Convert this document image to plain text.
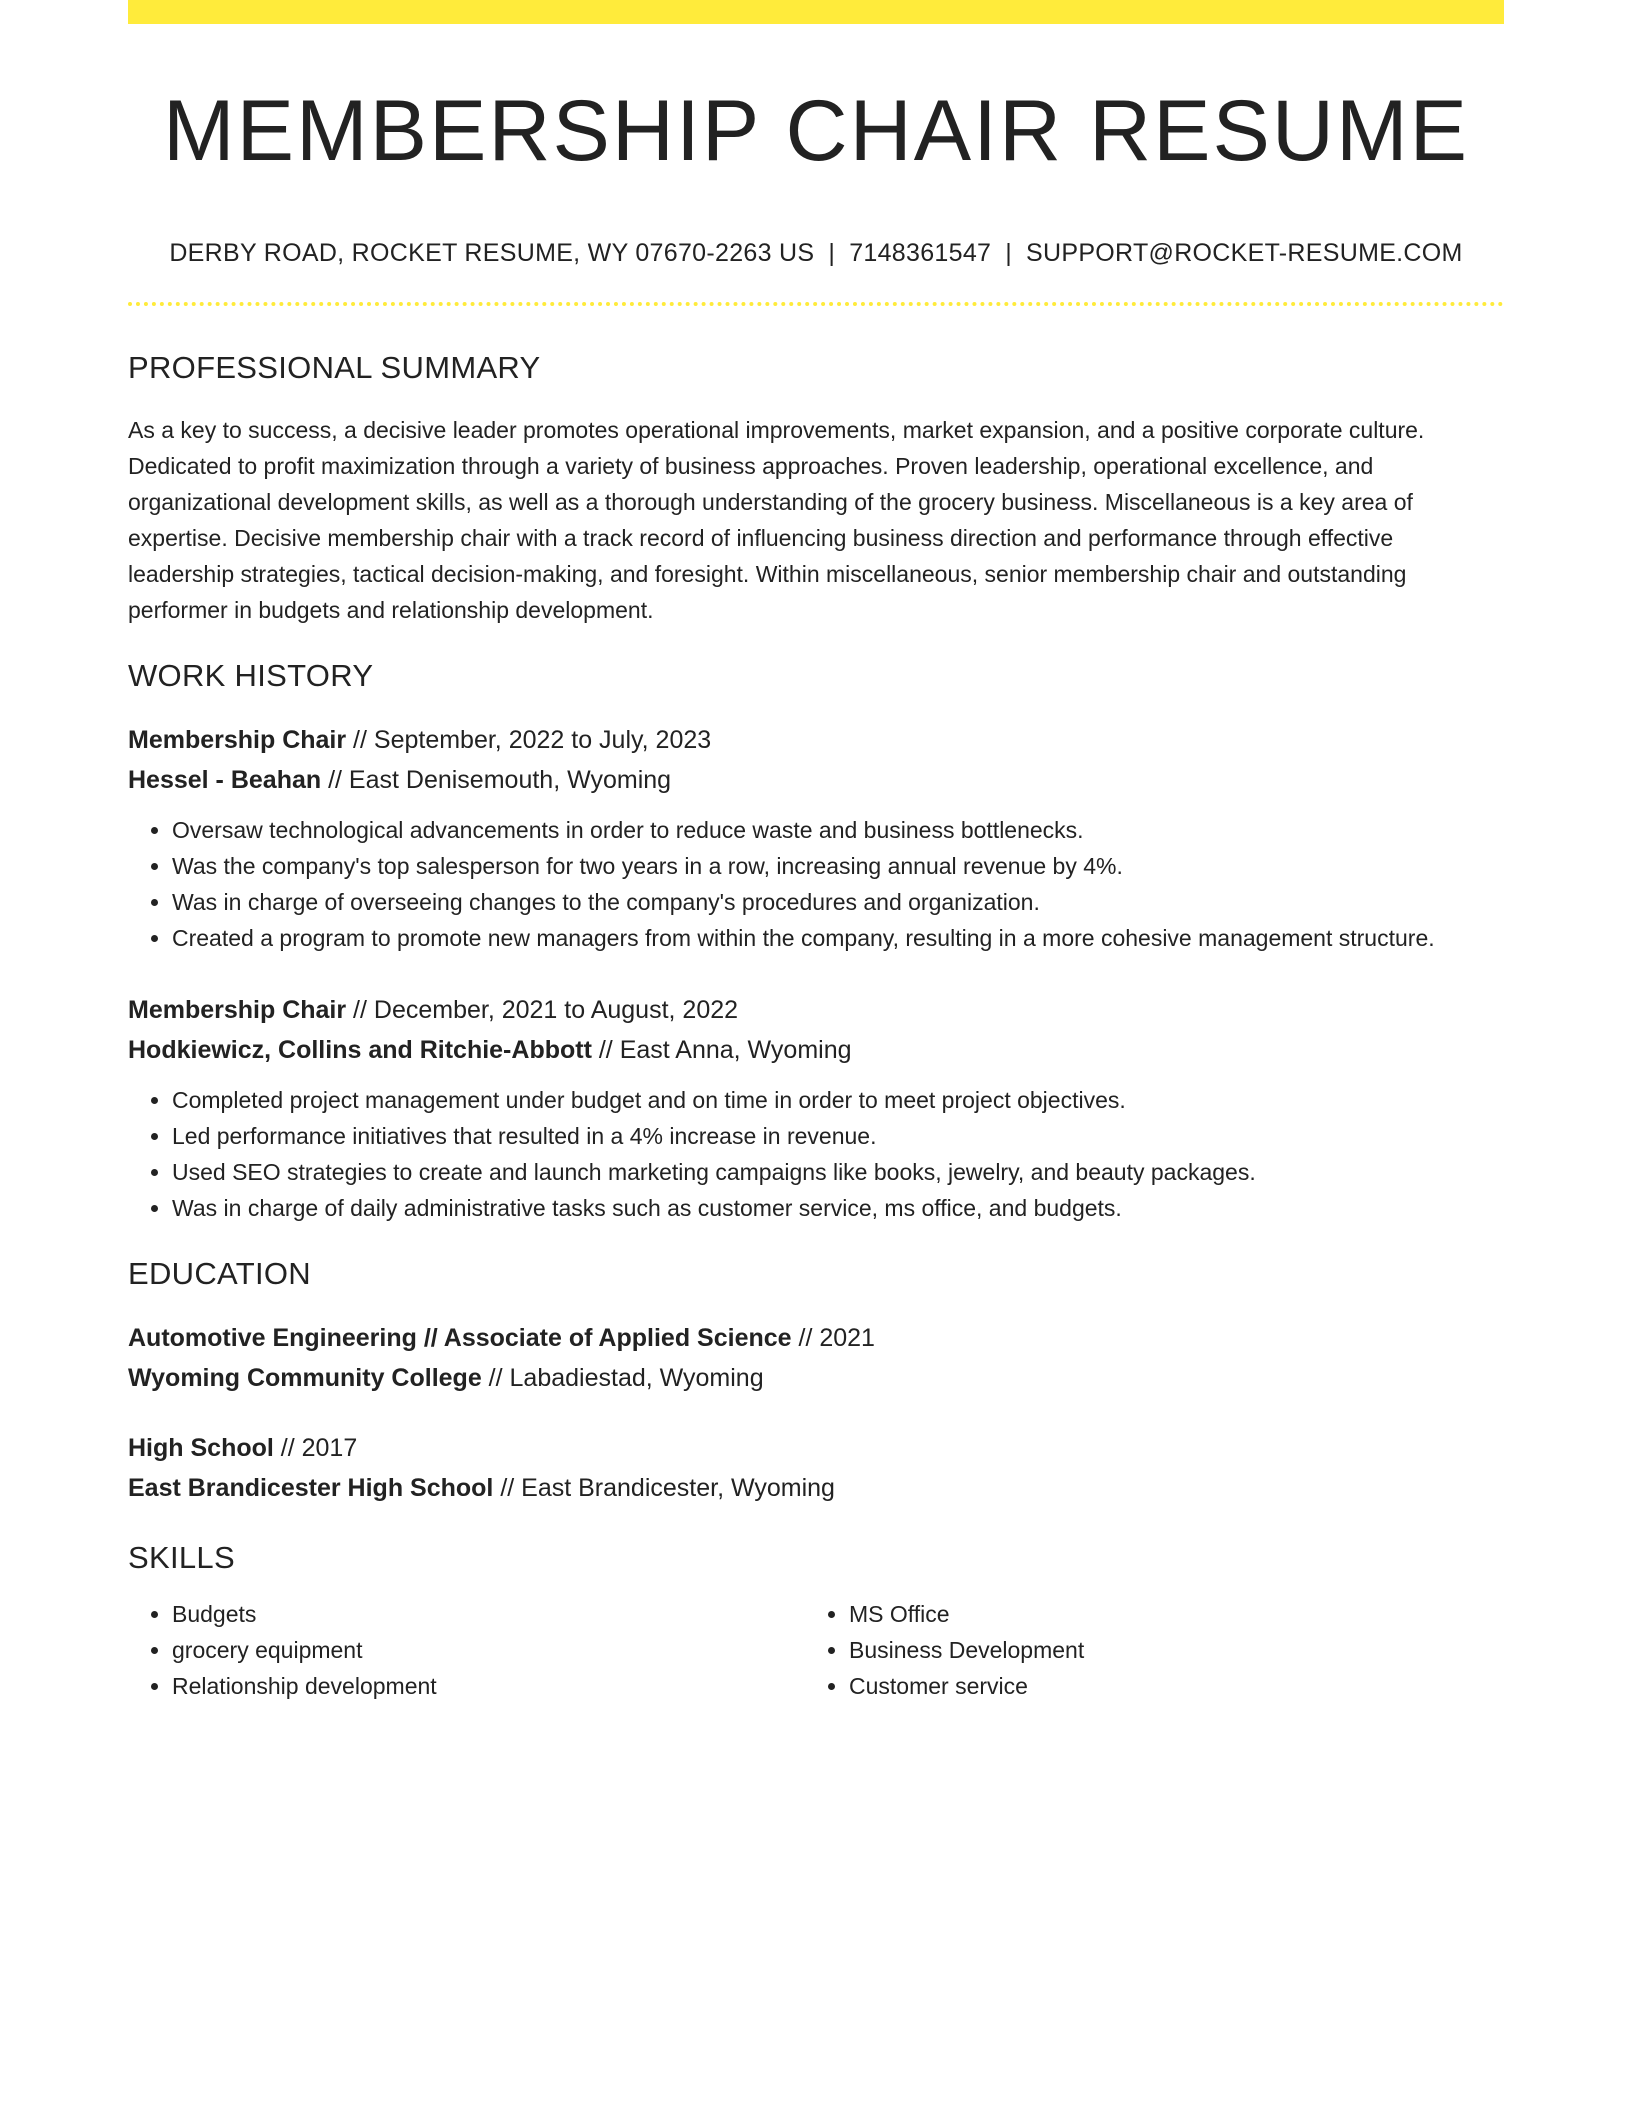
MEMBERSHIP CHAIR RESUME
DERBY ROAD, ROCKET RESUME, WY 07670-2263 US | 7148361547 | SUPPORT@ROCKET-RESUME.COM
PROFESSIONAL SUMMARY

As a key to success, a decisive leader promotes operational improvements, market expansion, and a positive corporate culture. Dedicated to profit maximization through a variety of business approaches. Proven leadership, operational excellence, and organizational development skills, as well as a thorough understanding of the grocery business. Miscellaneous is a key area of expertise. Decisive membership chair with a track record of influencing business direction and performance through effective leadership strategies, tactical decision-making, and foresight. Within miscellaneous, senior membership chair and outstanding performer in budgets and relationship development.

WORK HISTORY
Membership Chair // September, 2022 to July, 2023
Hessel - Beahan // East Denisemouth, Wyoming
• Oversaw technological advancements in order to reduce waste and business bottlenecks.
• Was the company's top salesperson for two years in a row, increasing annual revenue by 4%.
• Was in charge of overseeing changes to the company's procedures and organization.
• Created a program to promote new managers from within the company, resulting in a more cohesive management structure.
Membership Chair // December, 2021 to August, 2022
Hodkiewicz, Collins and Ritchie-Abbott // East Anna, Wyoming
• Completed project management under budget and on time in order to meet project objectives.
• Led performance initiatives that resulted in a 4% increase in revenue.
• Used SEO strategies to create and launch marketing campaigns like books, jewelry, and beauty packages.
• Was in charge of daily administrative tasks such as customer service, ms office, and budgets.
EDUCATION
Automotive Engineering // Associate of Applied Science // 2021
Wyoming Community College // Labadiestad, Wyoming
High School // 2017
East Brandicester High School // East Brandicester, Wyoming
SKILLS
• Budgets
• grocery equipment
• Relationship development
• MS Office
• Business Development
• Customer service
